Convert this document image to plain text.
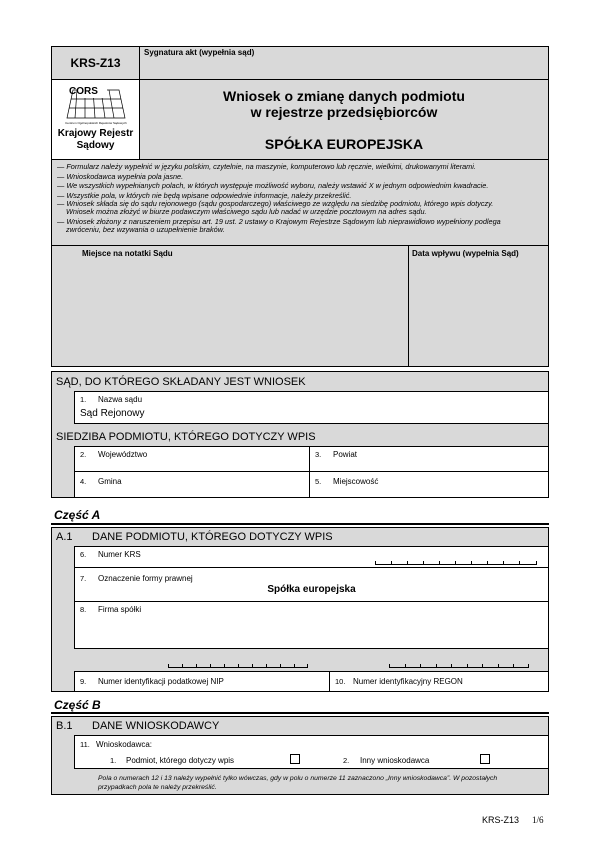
KRS-Z13
Sygnatura akt (wypełnia sąd)
CORS
Centrum Ogólnopolskich Rejestrów Sądowych
Krajowy Rejestr
Sądowy
Wniosek o zmianę danych podmiotu
w rejestrze przedsiębiorców
SPÓŁKA EUROPEJSKA
— Formularz należy wypełnić w języku polskim, czytelnie, na maszynie, komputerowo lub ręcznie, wielkimi, drukowanymi literami.
— Wnioskodawca wypełnia pola jasne.
— We wszystkich wypełnianych polach, w których występuje możliwość wyboru, należy wstawić X w jednym odpowiednim kwadracie.
— Wszystkie pola, w których nie będą wpisane odpowiednie informacje, należy przekreślić.
— Wniosek składa się do sądu rejonowego (sądu gospodarczego) właściwego ze względu na siedzibę podmiotu, którego wpis dotyczy.
Wniosek można złożyć w biurze podawczym właściwego sądu lub nadać w urzędzie pocztowym na adres sądu.
— Wniosek złożony z naruszeniem przepisu art. 19 ust. 2 ustawy o Krajowym Rejestrze Sądowym lub nieprawidłowo wypełniony podlega
zwróceniu, bez wzywania o uzupełnienie braków.
Miejsce na notatki Sądu	Data wpływu (wypełnia Sąd)
SĄD, DO KTÓREGO SKŁADANY JEST WNIOSEK
1. Nazwa sądu
Sąd Rejonowy
SIEDZIBA PODMIOTU, KTÓREGO DOTYCZY WPIS
2. Województwo	3. Powiat
4. Gmina	5. Miejscowość
Część A
A.1 DANE PODMIOTU, KTÓREGO DOTYCZY WPIS
6. Numer KRS
7. Oznaczenie formy prawnej
Spółka europejska
8. Firma spółki
9. Numer identyfikacji podatkowej NIP	10. Numer identyfikacyjny REGON
Część B
B.1 DANE WNIOSKODAWCY
11. Wnioskodawca:
1. Podmiot, którego dotyczy wpis	2. Inny wnioskodawca
Pola o numerach 12 i 13 należy wypełnić tylko wówczas, gdy w polu o numerze 11 zaznaczono „Inny wnioskodawca”. W pozostałych
przypadkach pola te należy przekreślić.
KRS-Z13 1/6
